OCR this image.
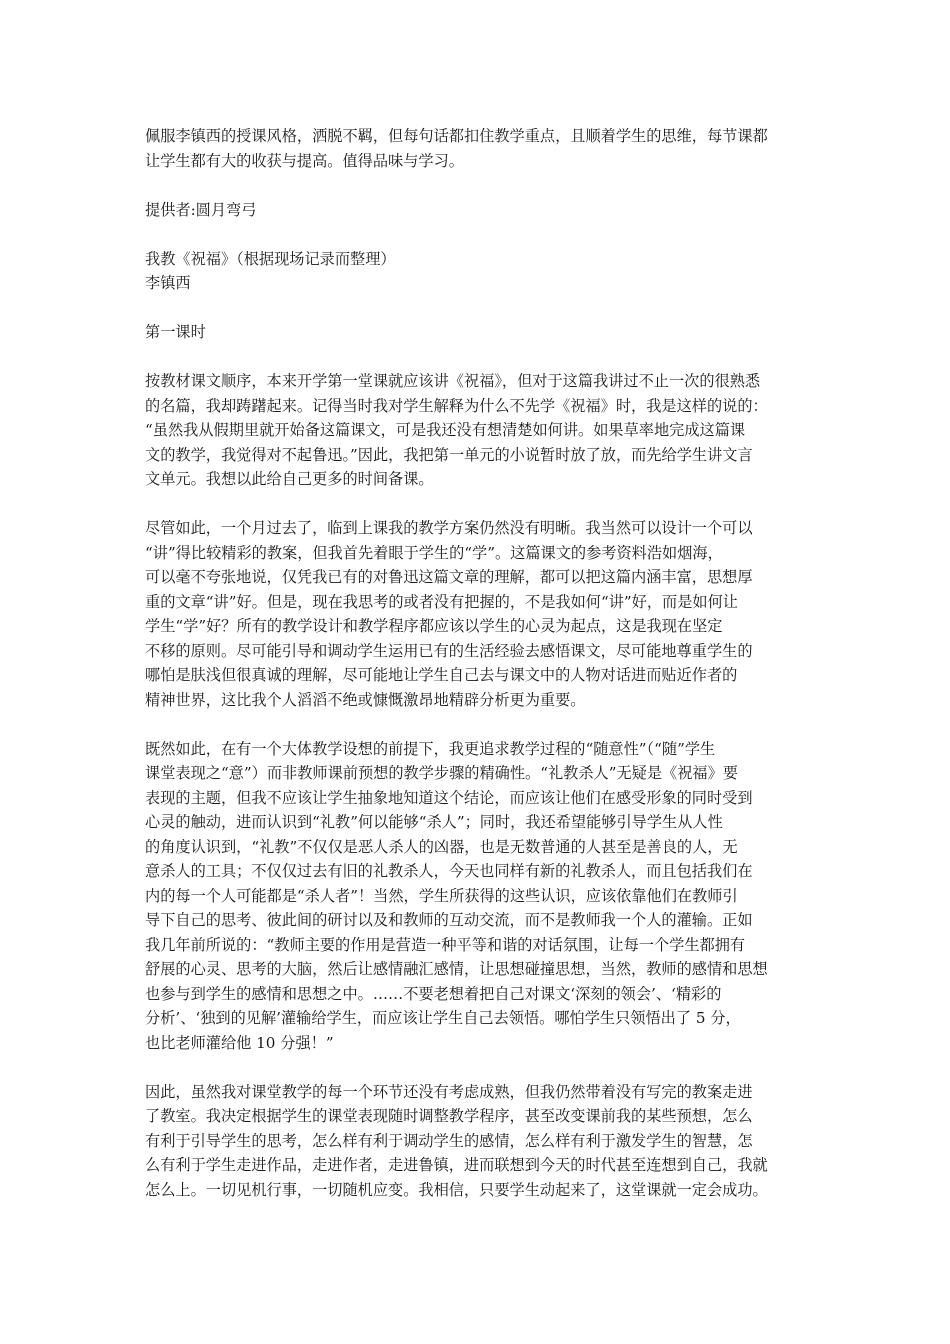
佩服李镇西的授课风格，洒脱不羁，但每句话都扣住教学重点，且顺着学生的思维，每节课都
让学生都有大的收获与提高。值得品味与学习。
提供者:圆月弯弓
我教《祝福》（根据现场记录而整理）
李镇西
第一课时
按教材课文顺序，本来开学第一堂课就应该讲《祝福》，但对于这篇我讲过不止一次的很熟悉
的名篇，我却踌躇起来。记得当时我对学生解释为什么不先学《祝福》时，我是这样的说的：
“虽然我从假期里就开始备这篇课文，可是我还没有想清楚如何讲。如果草率地完成这篇课
文的教学，我觉得对不起鲁迅。”因此，我把第一单元的小说暂时放了放，而先给学生讲文言
文单元。我想以此给自己更多的时间备课。
尽管如此，一个月过去了，临到上课我的教学方案仍然没有明晰。我当然可以设计一个可以
“讲”得比较精彩的教案，但我首先着眼于学生的“学”。这篇课文的参考资料浩如烟海，
可以毫不夸张地说，仅凭我已有的对鲁迅这篇文章的理解，都可以把这篇内涵丰富，思想厚
重的文章“讲”好。但是，现在我思考的或者没有把握的，不是我如何“讲”好，而是如何让
学生“学”好？所有的教学设计和教学程序都应该以学生的心灵为起点，这是我现在坚定
不移的原则。尽可能引导和调动学生运用已有的生活经验去感悟课文，尽可能地尊重学生的
哪怕是肤浅但很真诚的理解，尽可能地让学生自己去与课文中的人物对话进而贴近作者的
精神世界，这比我个人滔滔不绝或慷慨激昂地精辟分析更为重要。
既然如此，在有一个大体教学设想的前提下，我更追求教学过程的“随意性”（“随”学生
课堂表现之“意”）而非教师课前预想的教学步骤的精确性。“礼教杀人”无疑是《祝福》要
表现的主题，但我不应该让学生抽象地知道这个结论，而应该让他们在感受形象的同时受到
心灵的触动，进而认识到“礼教”何以能够“杀人”；同时，我还希望能够引导学生从人性
的角度认识到，“礼教”不仅仅是恶人杀人的凶器，也是无数普通的人甚至是善良的人，无
意杀人的工具；不仅仅过去有旧的礼教杀人，今天也同样有新的礼教杀人，而且包括我们在
内的每一个人可能都是“杀人者”！当然，学生所获得的这些认识，应该依靠他们在教师引
导下自己的思考、彼此间的研讨以及和教师的互动交流，而不是教师我一个人的灌输。正如
我几年前所说的：“教师主要的作用是营造一种平等和谐的对话氛围，让每一个学生都拥有
舒展的心灵、思考的大脑，然后让感情融汇感情，让思想碰撞思想，当然，教师的感情和思想
也参与到学生的感情和思想之中。……不要老想着把自己对课文‘深刻的领会’、‘精彩的
分析’、‘独到的见解’灌输给学生，而应该让学生自己去领悟。哪怕学生只领悟出了 5 分，
也比老师灌给他 10 分强！”
因此，虽然我对课堂教学的每一个环节还没有考虑成熟，但我仍然带着没有写完的教案走进
了教室。我决定根据学生的课堂表现随时调整教学程序，甚至改变课前我的某些预想，怎么
有利于引导学生的思考，怎么样有利于调动学生的感情，怎么样有利于激发学生的智慧，怎
么有利于学生走进作品，走进作者，走进鲁镇，进而联想到今天的时代甚至连想到自己，我就
怎么上。一切见机行事，一切随机应变。我相信，只要学生动起来了，这堂课就一定会成功。
